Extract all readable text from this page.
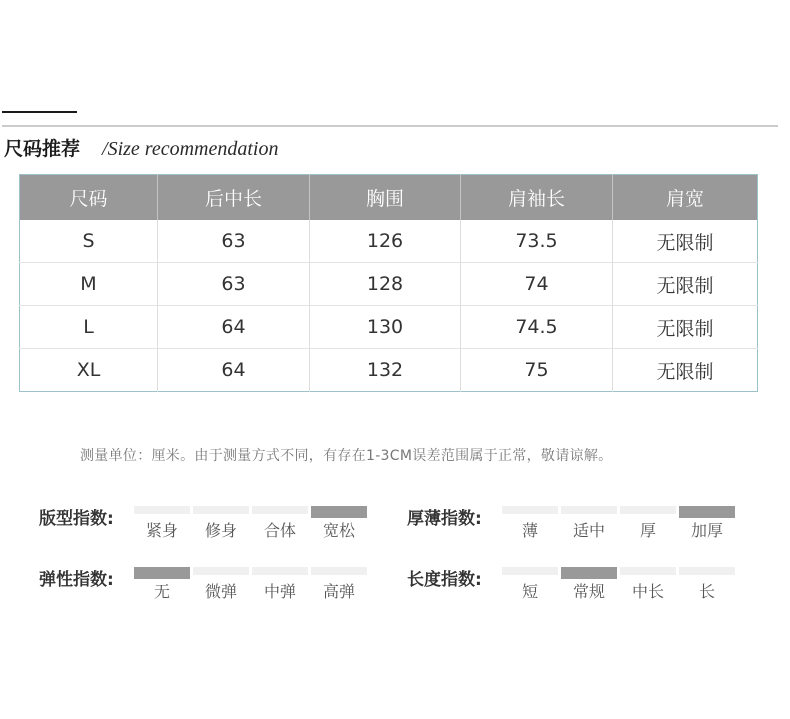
尺码推荐 /Size recommendation
尺码	后中长	胸围	肩袖长	肩宽
S	63	126	73.5	无限制
M	63	128	74	无限制
L	64	130	74.5	无限制
XL	64	132	75	无限制
测量单位：厘米。由于测量方式不同，有存在1-3CM误差范围属于正常，敬请谅解。
版型指数:
紧身	修身	合体	宽松
厚薄指数:
薄	适中	厚	加厚
弹性指数:
无	微弹	中弹	高弹
长度指数:
短	常规	中长	长
